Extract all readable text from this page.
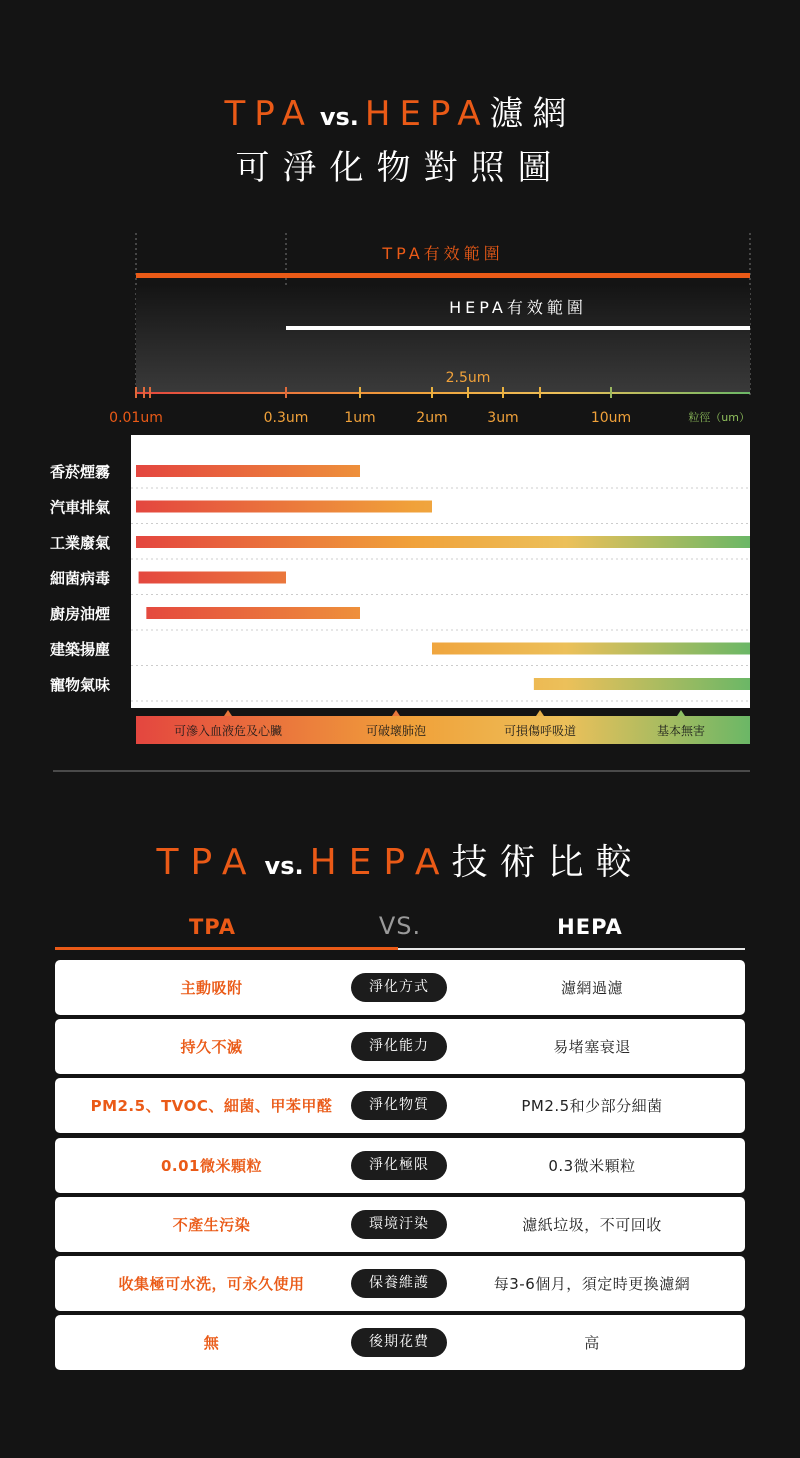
TPA vs. HEPA濾網
可淨化物對照圖
TPA有效範圍
HEPA有效範圍
2.5um
0.01um	0.3um	1um	2um	3um	10um	粒徑（um）
香菸煙霧
汽車排氣
工業廢氣
細菌病毒
廚房油煙
建築揚塵
寵物氣味
可滲入血液危及心臟	可破壞肺泡	可損傷呼吸道	基本無害
TPA vs. HEPA技術比較
TPA	VS.	HEPA
主動吸附	淨化方式	濾網過濾
持久不滅	淨化能力	易堵塞衰退
PM2.5、TVOC、細菌、甲苯甲醛	淨化物質	PM2.5和少部分細菌
0.01微米顆粒	淨化極限	0.3微米顆粒
不產生污染	環境汙染	濾紙垃圾，不可回收
收集極可水洗，可永久使用	保養維護	每3-6個月，須定時更換濾網
無	後期花費	高
